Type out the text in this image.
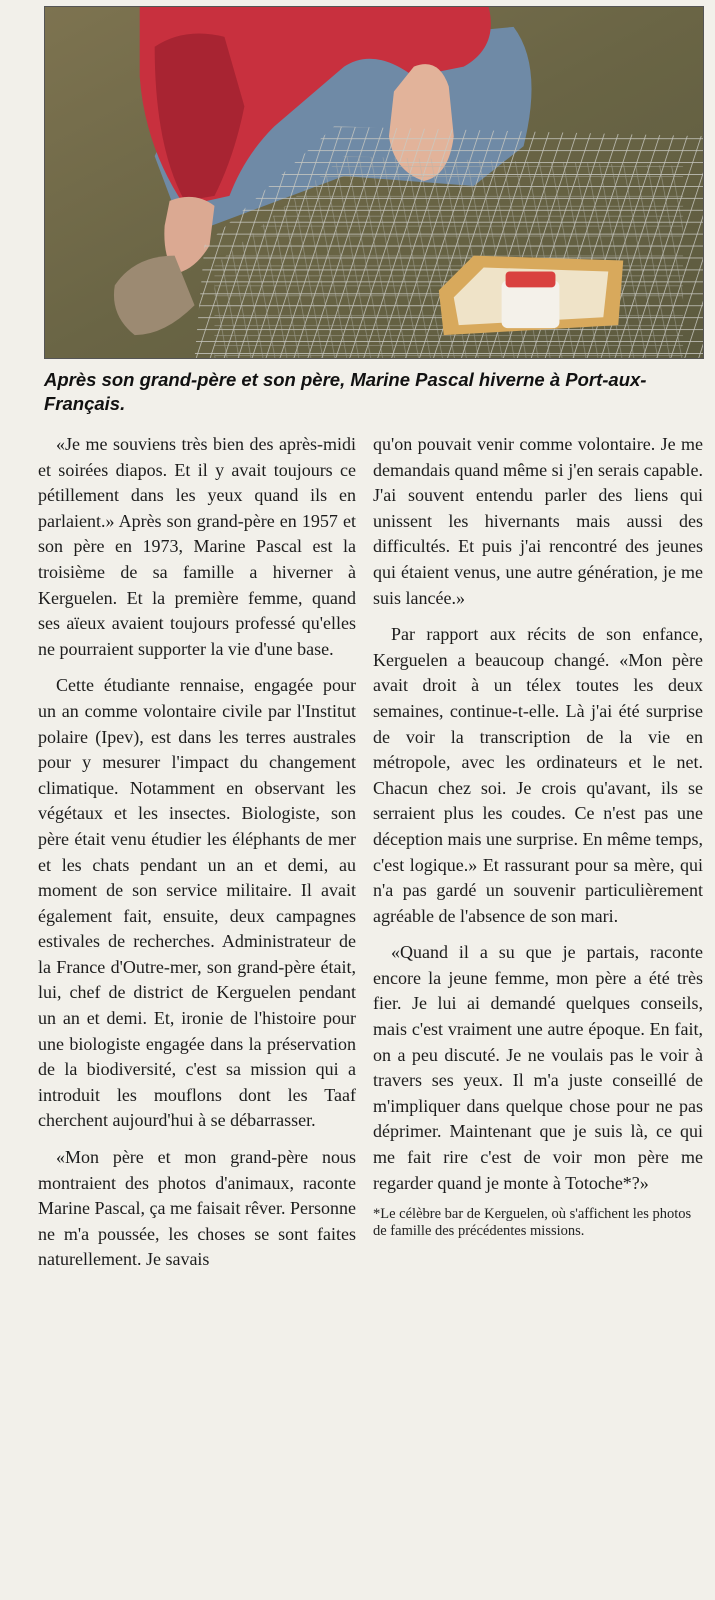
Après son grand-père et son père, Marine Pascal hiverne à Port-aux-Français.

«Je me souviens très bien des après-midi et soirées diapos. Et il y avait toujours ce pétillement dans les yeux quand ils en parlaient.» Après son grand-père en 1957 et son père en 1973, Marine Pascal est la troisième de sa famille a hiverner à Kerguelen. Et la première femme, quand ses aïeux avaient toujours professé qu'elles ne pourraient supporter la vie d'une base.

Cette étudiante rennaise, engagée pour un an comme volontaire civile par l'Institut polaire (Ipev), est dans les terres australes pour y mesurer l'impact du changement climatique. Notamment en observant les végétaux et les insectes. Biologiste, son père était venu étudier les éléphants de mer et les chats pendant un an et demi, au moment de son service militaire. Il avait également fait, ensuite, deux campagnes estivales de recherches. Administrateur de la France d'Outre-mer, son grand-père était, lui, chef de district de Kerguelen pendant un an et demi. Et, ironie de l'histoire pour une biologiste engagée dans la préservation de la biodiversité, c'est sa mission qui a introduit les mouflons dont les Taaf cherchent aujourd'hui à se débarrasser.

«Mon père et mon grand-père nous montraient des photos d'animaux, raconte Marine Pascal, ça me faisait rêver. Personne ne m'a poussée, les choses se sont faites naturellement. Je savais

qu'on pouvait venir comme volontaire. Je me demandais quand même si j'en serais capable. J'ai souvent entendu parler des liens qui unissent les hivernants mais aussi des difficultés. Et puis j'ai rencontré des jeunes qui étaient venus, une autre génération, je me suis lancée.»

Par rapport aux récits de son enfance, Kerguelen a beaucoup changé. «Mon père avait droit à un télex toutes les deux semaines, continue-t-elle. Là j'ai été surprise de voir la transcription de la vie en métropole, avec les ordinateurs et le net. Chacun chez soi. Je crois qu'avant, ils se serraient plus les coudes. Ce n'est pas une déception mais une surprise. En même temps, c'est logique.» Et rassurant pour sa mère, qui n'a pas gardé un souvenir particulièrement agréable de l'absence de son mari.

«Quand il a su que je partais, raconte encore la jeune femme, mon père a été très fier. Je lui ai demandé quelques conseils, mais c'est vraiment une autre époque. En fait, on a peu discuté. Je ne voulais pas le voir à travers ses yeux. Il m'a juste conseillé de m'impliquer dans quelque chose pour ne pas déprimer. Maintenant que je suis là, ce qui me fait rire c'est de voir mon père me regarder quand je monte à Totoche*?»

*Le célèbre bar de Kerguelen, où s'affichent les photos de famille des précédentes missions.
